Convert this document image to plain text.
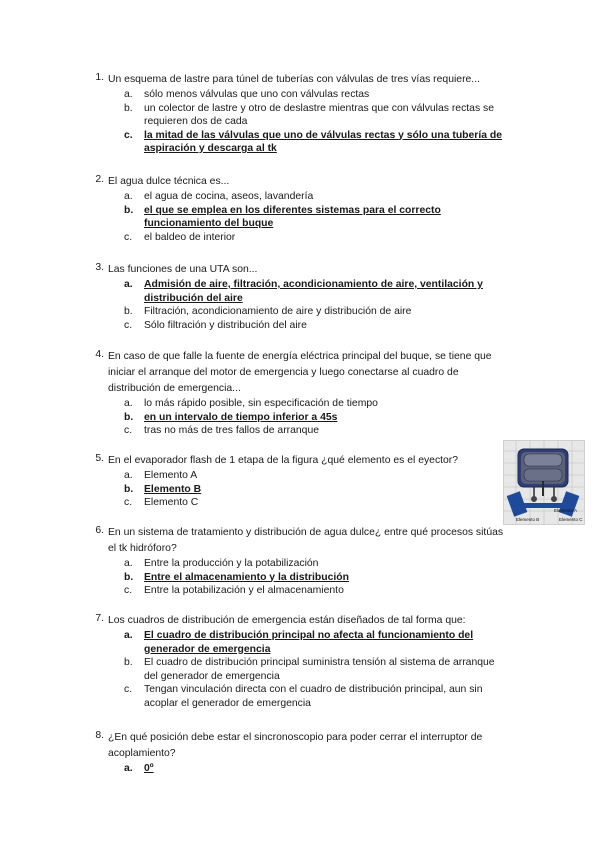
1. Un esquema de lastre para túnel de tuberías con válvulas de tres vías requiere...
a.	sólo menos válvulas que uno con válvulas rectas
b.	un colector de lastre y otro de deslastre mientras que con válvulas rectas se requieren dos de cada
c.	la mitad de las válvulas que uno de válvulas rectas y sólo una tubería de aspiración y descarga al tk
2. El agua dulce técnica es...
a.	el agua de cocina, aseos, lavandería
b.	el que se emplea en los diferentes sistemas para el correcto funcionamiento del buque
c.	el baldeo de interior
3. Las funciones de una UTA son...
a.	Admisión de aire, filtración, acondicionamiento de aire, ventilación y distribución del aire
b.	Filtración, acondicionamiento de aire y distribución de aire
c.	Sólo filtración y distribución del aire
4. En caso de que falle la fuente de energía eléctrica principal del buque, se tiene que iniciar el arranque del motor de emergencia y luego conectarse al cuadro de distribución de emergencia...
a.	lo más rápido posible, sin especificación de tiempo
b.	en un intervalo de tiempo inferior a 45s
c.	tras no más de tres fallos de arranque
5. En el evaporador flash de 1 etapa de la figura ¿qué elemento es el eyector?
a.	Elemento A
b.	Elemento B
c.	Elemento C
Elemento A
Elemento B	Elemento C
6. En un sistema de tratamiento y distribución de agua dulce¿ entre qué procesos sitúas el tk hidróforo?
a.	Entre la producción y la potabilización
b.	Entre el almacenamiento y la distribución
c.	Entre la potabilización y el almacenamiento
7. Los cuadros de distribución de emergencia están diseñados de tal forma que:
a.	El cuadro de distribución principal no afecta al funcionamiento del generador de emergencia
b.	El cuadro de distribución principal suministra tensión al sistema de arranque del generador de emergencia
c.	Tengan vinculación directa con el cuadro de distribución principal, aun sin acoplar el generador de emergencia
8. ¿En qué posición debe estar el sincronoscopio para poder cerrar el interruptor de acoplamiento?
a.	0º
